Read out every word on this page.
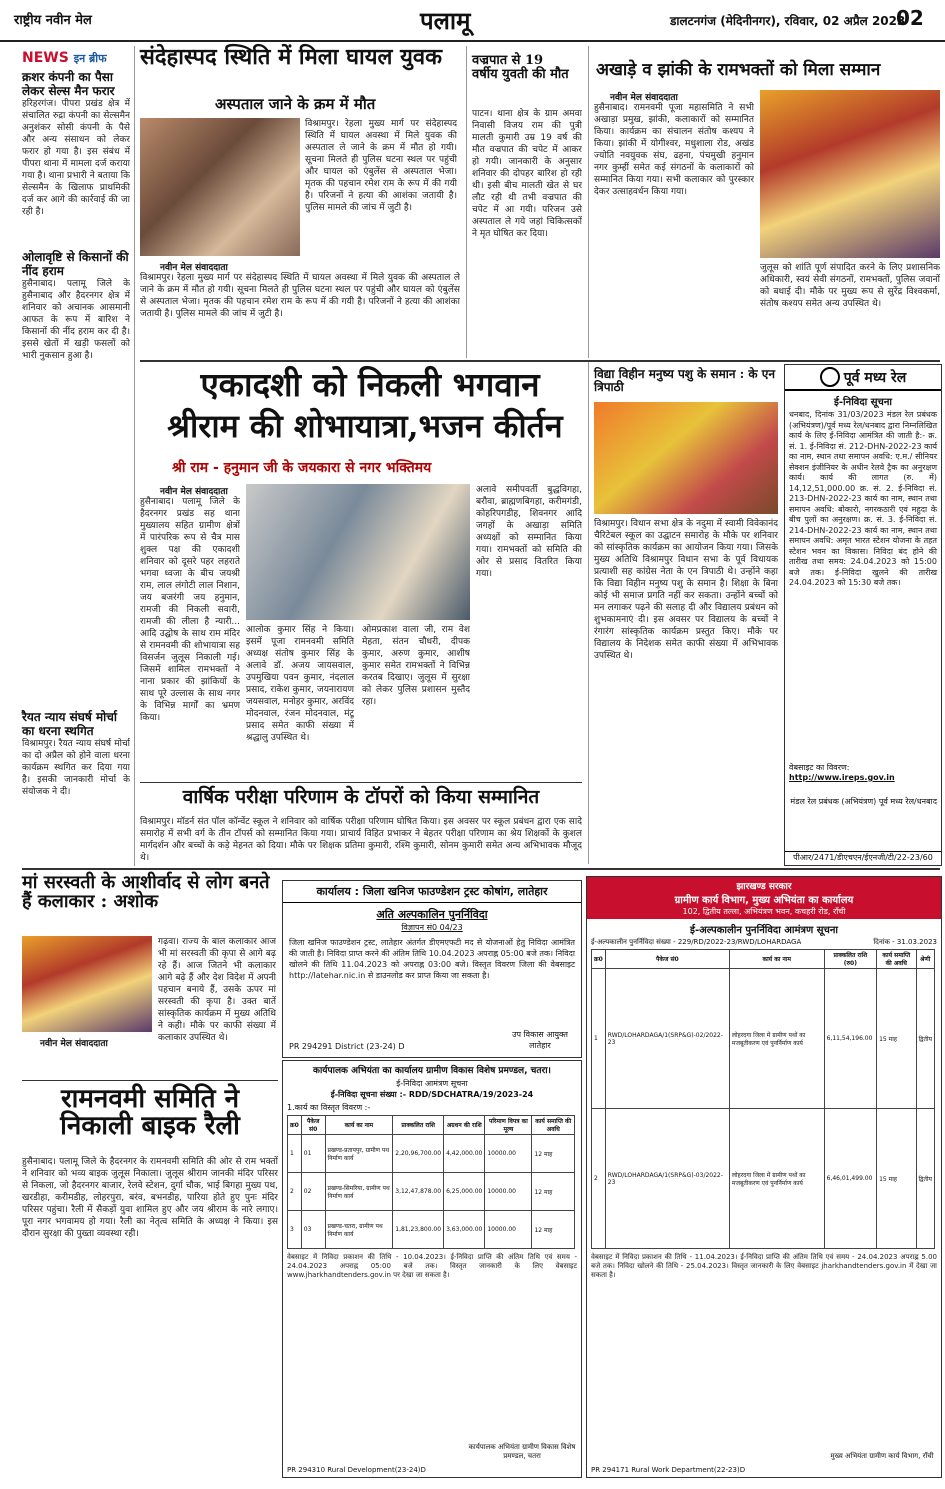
राष्ट्रीय नवीन मेल	पलामू	डालटनगंज (मेदिनीनगर), रविवार, 02 अप्रैल 2023
02
NEWS इन ब्रीफ
क्रशर कंपनी का पैसा लेकर सेल्स मैन फरार
हरिहरगंज। पीपरा प्रखंड क्षेत्र में संचालित रुद्रा कंपनी का सेल्समैन अनुशंकर सोसी कंपनी के पैसे और अन्य संसाधन को लेकर फरार हो गया है। इस संबंध में पीपरा थाना में मामला दर्ज कराया गया है। थाना प्रभारी ने बताया कि सेल्समैन के खिलाफ प्राथमिकी दर्ज कर आगे की कार्रवाई की जा रही है।
ओलावृष्टि से किसानों की नींद हराम
हुसैनाबाद। पलामू जिले के हुसैनाबाद और हैदरनगर क्षेत्र में शनिवार को अचानक आसमानी आफत के रूप में बारिश ने किसानों की नींद हराम कर दी है। इससे खेतों में खड़ी फसलों को भारी नुकसान हुआ है।
रैयत न्याय संघर्ष मोर्चा का धरना स्थगित
विश्रामपुर। रैयत न्याय संघर्ष मोर्चा का दो अप्रैल को होने वाला धरना कार्यक्रम स्थगित कर दिया गया है। इसकी जानकारी मोर्चा के संयोजक ने दी।
संदेहास्पद स्थिति में मिला घायल युवक
अस्पताल जाने के क्रम में मौत
विश्रामपुर। रेहला मुख्य मार्ग पर संदेहास्पद स्थिति में घायल अवस्था में मिले युवक की अस्पताल ले जाने के क्रम में मौत हो गयी। सूचना मिलते ही पुलिस घटना स्थल पर पहुंची और घायल को एंबुलेंस से अस्पताल भेजा। मृतक की पहचान रमेश राम के रूप में की गयी है। परिजनों ने हत्या की आशंका जतायी है। पुलिस मामले की जांच में जुटी है।
नवीन मेल संवाददाता
विश्रामपुर। रेहला मुख्य मार्ग पर संदेहास्पद स्थिति में घायल अवस्था में मिले युवक की अस्पताल ले जाने के क्रम में मौत हो गयी। सूचना मिलते ही पुलिस घटना स्थल पर पहुंची और घायल को एंबुलेंस से अस्पताल भेजा। मृतक की पहचान रमेश राम के रूप में की गयी है। परिजनों ने हत्या की आशंका जतायी है। पुलिस मामले की जांच में जुटी है।
वज्रपात से 19 वर्षीय युवती की मौत
पाटन। थाना क्षेत्र के ग्राम अमवा निवासी विजय राम की पुत्री मालती कुमारी उम्र 19 वर्ष की मौत वज्रपात की चपेट में आकर हो गयी। जानकारी के अनुसार शनिवार की दोपहर बारिश हो रही थी। इसी बीच मालती खेत से घर लौट रही थी तभी वज्रपात की चपेट में आ गयी। परिजन उसे अस्पताल ले गये जहां चिकित्सकों ने मृत घोषित कर दिया।
अखाड़े व झांकी के रामभक्तों को मिला सम्मान
नवीन मेल संवाददाता
हुसैनाबाद। रामनवमी पूजा महासमिति ने सभी अखाड़ा प्रमुख, झांकी, कलाकारों को सम्मानित किया। कार्यक्रम का संचालन संतोष कश्यप ने किया। झांकी में योगीश्वर, मधुशाला रोड, अखंड ज्योति नवयुवक संघ, ढहना, पंचमुखी हनुमान नगर कुम्हीं समेत कई संगठनों के कलाकारों को सम्मानित किया गया। सभी कलाकार को पुरस्कार देकर उत्साहवर्धन किया गया।
जुलूस को शांति पूर्ण संपादित करने के लिए प्रशासनिक अधिकारी, स्वयं सेवी संगठनों, रामभक्तों, पुलिस जवानों को बधाई दी। मौके पर मुख्य रूप से सुरेंद्र विश्वकर्मा, संतोष कश्यप समेत अन्य उपस्थित थे।
एकादशी को निकली भगवान
श्रीराम की शोभायात्रा,भजन कीर्तन
श्री राम - हनुमान जी के जयकारा से नगर भक्तिमय
नवीन मेल संवाददाता
हुसैनाबाद। पलामू जिले के हैदरनगर प्रखंड सह थाना मुख्यालय सहित ग्रामीण क्षेत्रों में पारंपरिक रूप से चैत्र मास शुक्ल पक्ष की एकादशी शनिवार को दूसरे पहर लहराते भगवा ध्वजा के बीच जयश्री राम, लाल लंगोटी लाल निशान, जय बजरंगी जय हनुमान, रामजी की निकली सवारी, रामजी की लीला है न्यारी... आदि उद्घोष के साथ राम मंदिर से रामनवमी की शोभायात्रा सह विसर्जन जुलूस निकाली गई। जिसमें शामिल रामभक्तों ने नाना प्रकार की झांकियों के साथ पूरे उल्लास के साथ नगर के विभिन्न मार्गों का भ्रमण किया।
आलोक कुमार सिंह ने किया। इसमें पूजा रामनवमी समिति अध्यक्ष संतोष कुमार सिंह के अलावे डॉ. अजय जायसवाल, उपमुखिया पवन कुमार, नंदलाल प्रसाद, राकेश कुमार, जयनारायण जयसवाल, मनोहर कुमार, अरविंद मोदनवाल, रंजन मोदनवाल, मंटू प्रसाद समेत काफी संख्या में श्रद्धालु उपस्थित थे।
ओमप्रकाश वाला जी, राम वेश मेहता, संतन चौधरी, दीपक कुमार, अरुण कुमार, आशीष कुमार समेत रामभक्तों ने विभिन्न करतब दिखाए। जुलूस में सुरक्षा को लेकर पुलिस प्रशासन मुस्तैद रहा।
अलावे समीपवर्ती बुद्धविगहा, बरौवा, ब्राह्मणबिगहा, करीमगंडी, कोहरिपगडीह, शिवनगर आदि जगहों के अखाड़ा समिति अध्यक्षों को सम्मानित किया गया। रामभक्तों को समिति की ओर से प्रसाद वितरित किया गया।
वार्षिक परीक्षा परिणाम के टॉपरों को किया सम्मानित
विश्रामपुर। मॉडर्न संत पॉल कॉन्वेंट स्कूल ने शनिवार को वार्षिक परीक्षा परिणाम घोषित किया। इस अवसर पर स्कूल प्रबंधन द्वारा एक सादे समारोह में सभी वर्ग के तीन टॉपर्स को सम्मानित किया गया। प्राचार्य विहित प्रभाकर ने बेहतर परीक्षा परिणाम का श्रेय शिक्षकों के कुशल मार्गदर्शन और बच्चों के कड़े मेहनत को दिया। मौके पर शिक्षक प्रतिमा कुमारी, रश्मि कुमारी, सोनम कुमारी समेत अन्य अभिभावक मौजूद थे।
विद्या विहीन मनुष्य पशु के समान : के एन त्रिपाठी
विश्रामपुर। विधान सभा क्षेत्र के नदुमा में स्वामी विवेकानंद चैरिटेबल स्कूल का उद्घाटन समारोह के मौके पर शनिवार को सांस्कृतिक कार्यक्रम का आयोजन किया गया। जिसके मुख्य अतिथि विश्रामपुर विधान सभा के पूर्व विधायक प्रत्याशी सह कांग्रेस नेता के एन त्रिपाठी थे। उन्होंने कहा कि विद्या विहीन मनुष्य पशु के समान है। शिक्षा के बिना कोई भी समाज प्रगति नहीं कर सकता। उन्होंने बच्चों को मन लगाकर पढ़ने की सलाह दी और विद्यालय प्रबंधन को शुभकामनाएं दी। इस अवसर पर विद्यालय के बच्चों ने रंगारंग सांस्कृतिक कार्यक्रम प्रस्तुत किए। मौके पर विद्यालय के निदेशक समेत काफी संख्या में अभिभावक उपस्थित थे।
पूर्व मध्य रेल
ई-निविदा सूचना
धनबाद, दिनांक 31/03/2023 मंडल रेल प्रबंधक (अभियंत्रण)/पूर्व मध्य रेल/धनबाद द्वारा निम्नलिखित कार्य के लिए ई-निविदा आमंत्रित की जाती है:- क्र. सं. 1. ई-निविदा सं. 212-DHN-2022-23 कार्य का नाम, स्थान तथा समापन अवधि: ए.म./ सीनियर सेक्शन इंजीनियर के अधीन रेलवे ट्रैक का अनुरक्षण कार्य। कार्य की लागत (रु. में) 14,12,51,000.00 क्र. सं. 2. ई-निविदा सं. 213-DHN-2022-23 कार्य का नाम, स्थान तथा समापन अवधि: बोकारो, नगरकठारी एवं महुदा के बीच पुलों का अनुरक्षण। क्र. सं. 3. ई-निविदा सं. 214-DHN-2022-23 कार्य का नाम, स्थान तथा समापन अवधि: अमृत भारत स्टेशन योजना के तहत स्टेशन भवन का विकास। निविदा बंद होने की तारीख तथा समय: 24.04.2023 को 15:00 बजे तक। ई-निविदा खुलने की तारीख 24.04.2023 को 15:30 बजे तक।
वेबसाइट का विवरण: http://www.ireps.gov.in
मंडल रेल प्रबंधक (अभियंत्रण) पूर्व मध्य रेल/धनबाद
पीआर/2471/डीएचएन/ईएनजी/टी/22-23/60
मां सरस्वती के आशीर्वाद से लोग बनते हैं कलाकार : अशोक
नवीन मेल संवाददाता
गढ़वा। राज्य के बाल कलाकार आज भी मां सरस्वती की कृपा से आगे बढ़ रहे हैं। आज जितने भी कलाकार आगे बढ़े हैं और देश विदेश में अपनी पहचान बनाये हैं, उसके ऊपर मां सरस्वती की कृपा है। उक्त बातें सांस्कृतिक कार्यक्रम में मुख्य अतिथि ने कही। मौके पर काफी संख्या में कलाकार उपस्थित थे।
रामनवमी समिति ने निकाली बाइक रैली
हुसैनाबाद। पलामू जिले के हैदरनगर के रामनवमी समिति की ओर से राम भक्तों ने शनिवार को भव्य बाइक जुलूस निकाला। जुलूस श्रीराम जानकी मंदिर परिसर से निकला, जो हैदरनगर बाजार, रेलवे स्टेशन, दुर्गा चौक, भाई बिगहा मुख्य पथ, खरडीहा, करीमडीह, लोहरपुरा, बरंव, बभनडीह, पारिया होते हुए पुनः मंदिर परिसर पहुंचा। रैली में सैकड़ों युवा शामिल हुए और जय श्रीराम के नारे लगाए। पूरा नगर भगवामय हो गया। रैली का नेतृत्व समिति के अध्यक्ष ने किया। इस दौरान सुरक्षा की पुख्ता व्यवस्था रही।
कार्यालय : जिला खनिज फाउण्डेशन ट्रस्ट कोषांग, लातेहार
अति अल्पकालिन पुनर्निविदा
विज्ञापन सं0 04/23
जिला खनिज फाउण्डेशन ट्रस्ट, लातेहार अंतर्गत डीएमएफटी मद से योजनाओं हेतु निविदा आमंत्रित की जाती है। निविदा प्राप्त करने की अंतिम तिथि 10.04.2023 अपराह्न 05:00 बजे तक। निविदा खोलने की तिथि 11.04.2023 को अपराह्न 03:00 बजे। विस्तृत विवरण जिला की वेबसाइट http://latehar.nic.in से डाउनलोड कर प्राप्त किया जा सकता है।
उप विकास आयुक्त लातेहार
PR 294291 District (23-24) D
कार्यपालक अभियंता का कार्यालय ग्रामीण विकास विशेष प्रमण्डल, चतरा।
ई-निविदा आमंत्रण सूचना
ई-निविदा सूचना संख्या :- RDD/SDCHATRA/19/2023-24
1.कार्य का विस्तृत विवरण :-
क्र0	पैकेज सं0	कार्य का नाम	प्राक्कलित राशि	अग्रधन की राशि	परिमाण विपत्र का मूल्य	कार्य समाप्ति की अवधि
1	01	प्रखण्ड-प्रतापपुर, ग्रामीण पथ निर्माण कार्य	2,20,96,700.00	4,42,000.00	10000.00	12 माह
2	02	प्रखण्ड-सिमरिया, ग्रामीण पथ निर्माण कार्य	3,12,47,878.00	6,25,000.00	10000.00	12 माह
3	03	प्रखण्ड-चतरा, ग्रामीण पथ निर्माण कार्य	1,81,23,800.00	3,63,000.00	10000.00	12 माह
वेबसाइट में निविदा प्रकाशन की तिथि - 10.04.2023। ई-निविदा प्राप्ति की अंतिम तिथि एवं समय - 24.04.2023 अपराह्न 05:00 बजे तक। विस्तृत जानकारी के लिए वेबसाइट www.jharkhandtenders.gov.in पर देखा जा सकता है।
कार्यपालक अभियंता ग्रामीण विकास विशेष प्रमण्डल, चतरा
PR 294310 Rural Development(23-24)D
झारखण्ड सरकार
ग्रामीण कार्य विभाग, मुख्य अभियंता का कार्यालय
102, द्वितीय तल्ला, अभियंत्रण भवन, कचहरी रोड, राँची
ई-अल्पकालीन पुनर्निविदा आमंत्रण सूचना
ई-अल्पकालीन पुनर्निविदा संख्या - 229/RD/2022-23/RWD/LOHARDAGA	दिनांक - 31.03.2023
क्र0	पैकेज सं0	कार्य का नाम	प्राक्कलित राशि (रु0)	कार्य समाप्ति की अवधि	श्रेणी
1	RWD/LOHARDAGA/1(SRP&G)-02/2022-23	लोहरदगा जिला में ग्रामीण पथों का मजबूतीकरण एवं पुनर्निर्माण कार्य	6,11,54,196.00	15 माह	द्वितीय
2	RWD/LOHARDAGA/1(SRP&G)-03/2022-23	लोहरदगा जिला में ग्रामीण पथों का मजबूतीकरण एवं पुनर्निर्माण कार्य	6,46,01,499.00	15 माह	द्वितीय
वेबसाइट में निविदा प्रकाशन की तिथि - 11.04.2023। ई-निविदा प्राप्ति की अंतिम तिथि एवं समय - 24.04.2023 अपराह्न 5.00 बजे तक। निविदा खोलने की तिथि - 25.04.2023। विस्तृत जानकारी के लिए वेबसाइट jharkhandtenders.gov.in में देखा जा सकता है।
मुख्य अभियंता ग्रामीण कार्य विभाग, राँची
PR 294171 Rural Work Department(22-23)D
